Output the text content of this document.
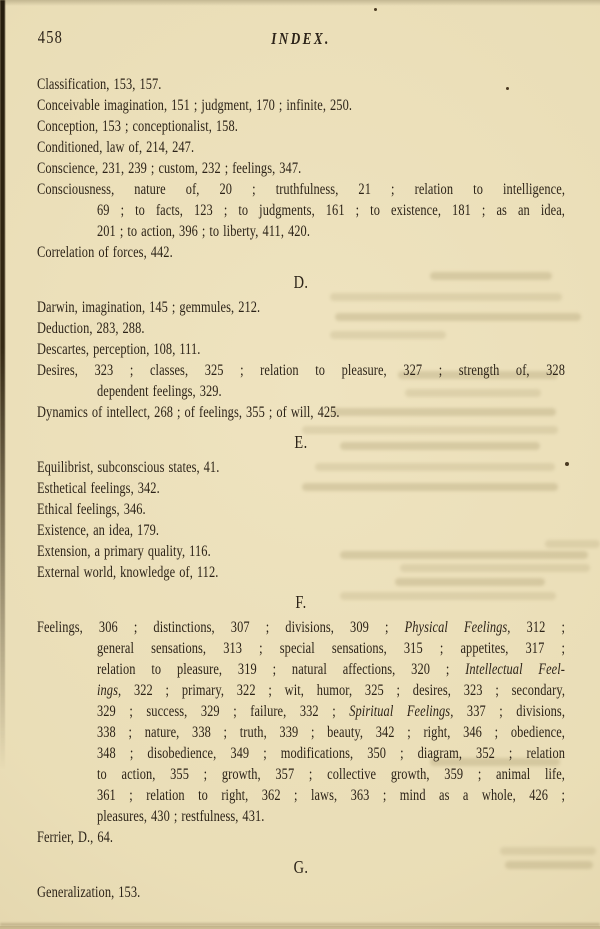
458	INDEX.
Classification, 153, 157.
Conceivable imagination, 151 ; judgment, 170 ; infinite, 250.
Conception, 153 ; conceptionalist, 158.
Conditioned, law of, 214, 247.
Conscience, 231, 239 ; custom, 232 ; feelings, 347.
Consciousness, nature of, 20 ; truthfulness, 21 ; relation to intelligence,
69 ; to facts, 123 ; to judgments, 161 ; to existence, 181 ; as an idea,
201 ; to action, 396 ; to liberty, 411, 420.
Correlation of forces, 442.
D.
Darwin, imagination, 145 ; gemmules, 212.
Deduction, 283, 288.
Descartes, perception, 108, 111.
Desires, 323 ; classes, 325 ; relation to pleasure, 327 ; strength of, 328
dependent feelings, 329.
Dynamics of intellect, 268 ; of feelings, 355 ; of will, 425.
E.
Equilibrist, subconscious states, 41.
Esthetical feelings, 342.
Ethical feelings, 346.
Existence, an idea, 179.
Extension, a primary quality, 116.
External world, knowledge of, 112.
F.
Feelings, 306 ; distinctions, 307 ; divisions, 309 ; Physical Feelings, 312 ;
general sensations, 313 ; special sensations, 315 ; appetites, 317 ;
relation to pleasure, 319 ; natural affections, 320 ; Intellectual Feel-
ings, 322 ; primary, 322 ; wit, humor, 325 ; desires, 323 ; secondary,
329 ; success, 329 ; failure, 332 ; Spiritual Feelings, 337 ; divisions,
338 ; nature, 338 ; truth, 339 ; beauty, 342 ; right, 346 ; obedience,
348 ; disobedience, 349 ; modifications, 350 ; diagram, 352 ; relation
to action, 355 ; growth, 357 ; collective growth, 359 ; animal life,
361 ; relation to right, 362 ; laws, 363 ; mind as a whole, 426 ;
pleasures, 430 ; restfulness, 431.
Ferrier, D., 64.
G.
Generalization, 153.
